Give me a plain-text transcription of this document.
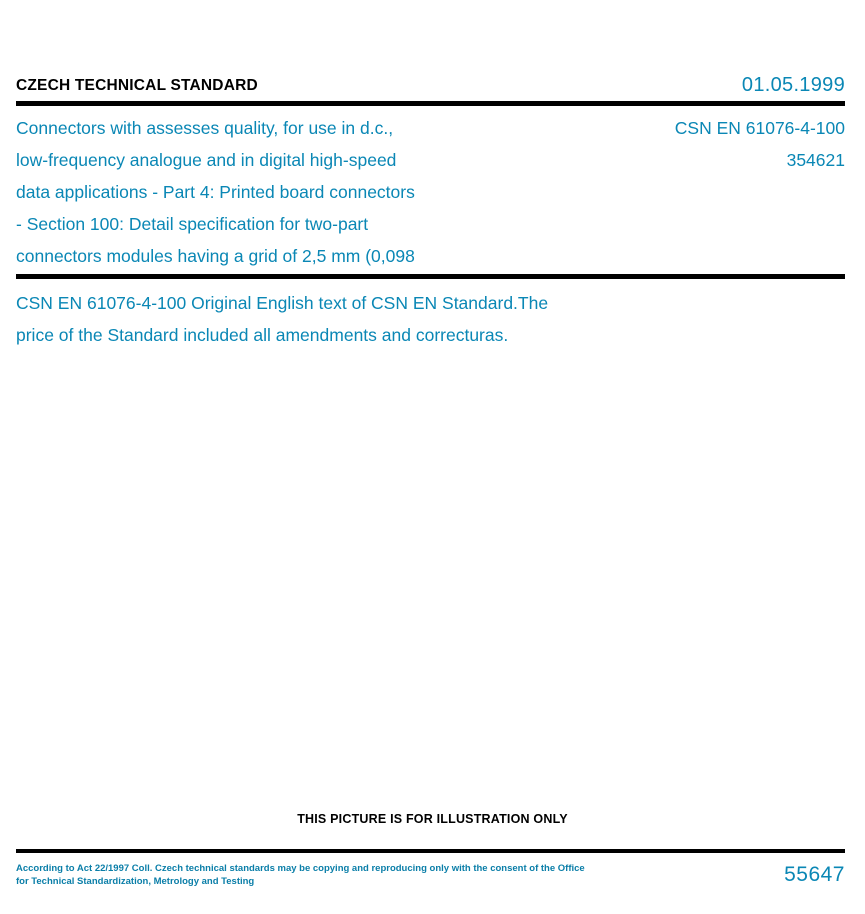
CZECH TECHNICAL STANDARD	01.05.1999
Connectors with assesses quality, for use in d.c.,
low-frequency analogue and in digital high-speed
data applications - Part 4: Printed board connectors
- Section 100: Detail specification for two-part
connectors modules having a grid of 2,5 mm (0,098
CSN EN 61076-4-100
354621
CSN EN 61076-4-100 Original English text of CSN EN Standard.The
price of the Standard included all amendments and correcturas.

THIS PICTURE IS FOR ILLUSTRATION ONLY
According to Act 22/1997 Coll. Czech technical standards may be copying and reproducing only with the consent of the Office
for Technical Standardization, Metrology and Testing	55647
